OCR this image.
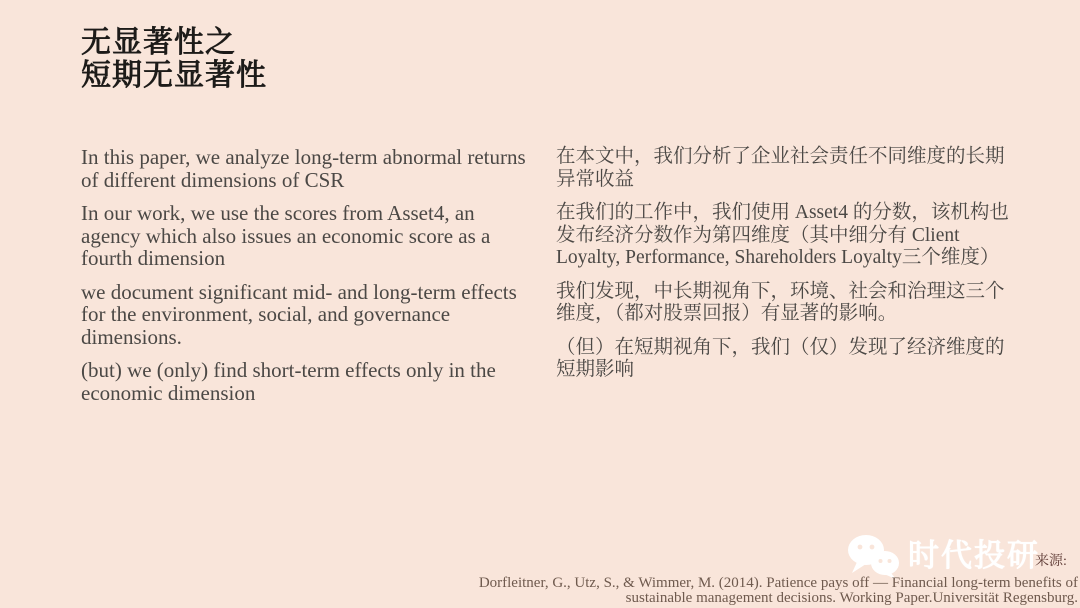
无显著性之
短期无显著性

In this paper, we analyze long-term abnormal returns of different dimensions of CSR

In our work, we use the scores from Asset4, an agency which also issues an economic score as a fourth dimension

we document significant mid- and long-term effects for the environment, social, and governance dimensions.

(but) we (only) find short-term effects only in the economic dimension

在本文中，我们分析了企业社会责任不同维度的长期异常收益

在我们的工作中，我们使用 Asset4 的分数，该机构也发布经济分数作为第四维度（其中细分有 Client Loyalty, Performance, Shareholders Loyalty三个维度）

我们发现，中长期视角下，环境、社会和治理这三个维度，（都对股票回报）有显著的影响。

（但）在短期视角下，我们（仅）发现了经济维度的短期影响

时代投研
来源:
Dorfleitner, G., Utz, S., & Wimmer, M. (2014). Patience pays off — Financial long-term benefits of
sustainable management decisions. Working Paper.Universität Regensburg.
